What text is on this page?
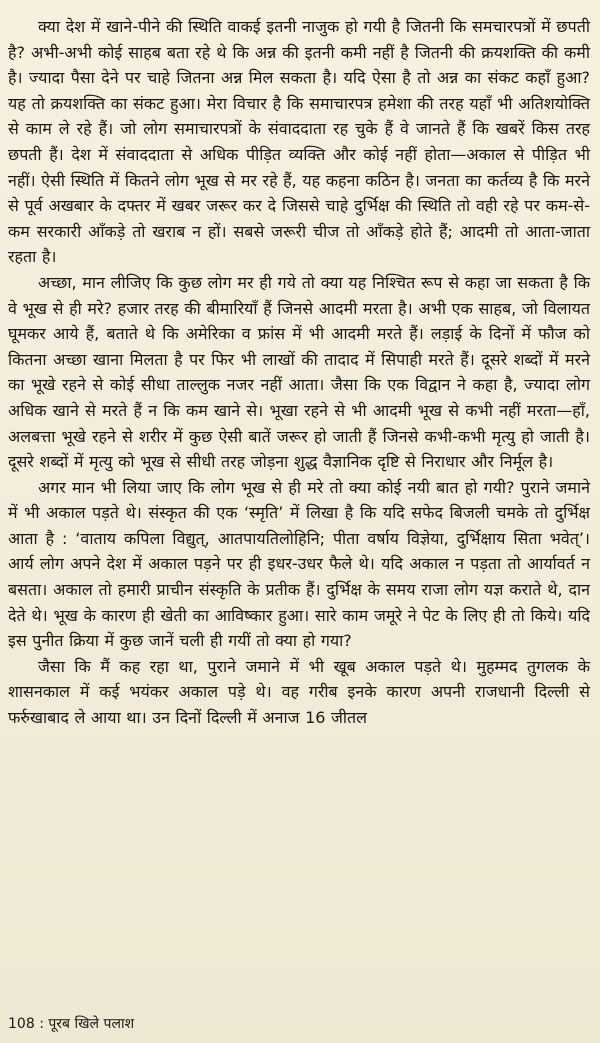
क्या देश में खाने-पीने की स्थिति वाकई इतनी नाजुक हो गयी है जितनी कि समचारपत्रों में छपती है? अभी-अभी कोई साहब बता रहे थे कि अन्न की इतनी कमी नहीं है जितनी की क्रयशक्ति की कमी है। ज्यादा पैसा देने पर चाहे जितना अन्न मिल सकता है। यदि ऐसा है तो अन्न का संकट कहाँ हुआ? यह तो क्रयशक्ति का संकट हुआ। मेरा विचार है कि समाचारपत्र हमेशा की तरह यहाँ भी अतिशयोक्ति से काम ले रहे हैं। जो लोग समाचारपत्रों के संवाददाता रह चुके हैं वे जानते हैं कि खबरें किस तरह छपती हैं। देश में संवाददाता से अधिक पीड़ित व्यक्ति और कोई नहीं होता—अकाल से पीड़ित भी नहीं। ऐसी स्थिति में कितने लोग भूख से मर रहे हैं, यह कहना कठिन है। जनता का कर्तव्य है कि मरने से पूर्व अखबार के दफ्तर में खबर जरूर कर दे जिससे चाहे दुर्भिक्ष की स्थिति तो वही रहे पर कम-से-कम सरकारी आँकड़े तो खराब न हों। सबसे जरूरी चीज तो आँकड़े होते हैं; आदमी तो आता-जाता रहता है।

अच्छा, मान लीजिए कि कुछ लोग मर ही गये तो क्या यह निश्चित रूप से कहा जा सकता है कि वे भूख से ही मरे? हजार तरह की बीमारियाँ हैं जिनसे आदमी मरता है। अभी एक साहब, जो विलायत घूमकर आये हैं, बताते थे कि अमेरिका व फ्रांस में भी आदमी मरते हैं। लड़ाई के दिनों में फौज को कितना अच्छा खाना मिलता है पर फिर भी लाखों की तादाद में सिपाही मरते हैं। दूसरे शब्दों में मरने का भूखे रहने से कोई सीधा ताल्लुक नजर नहीं आता। जैसा कि एक विद्वान ने कहा है, ज्यादा लोग अधिक खाने से मरते हैं न कि कम खाने से। भूखा रहने से भी आदमी भूख से कभी नहीं मरता—हाँ, अलबत्ता भूखे रहने से शरीर में कुछ ऐसी बातें जरूर हो जाती हैं जिनसे कभी-कभी मृत्यु हो जाती है। दूसरे शब्दों में मृत्यु को भूख से सीधी तरह जोड़ना शुद्ध वैज्ञानिक दृष्टि से निराधार और निर्मूल है।

अगर मान भी लिया जाए कि लोग भूख से ही मरे तो क्या कोई नयी बात हो गयी? पुराने जमाने में भी अकाल पड़ते थे। संस्कृत की एक ‘स्मृति’ में लिखा है कि यदि सफेद बिजली चमके तो दुर्भिक्ष आता है : ‘वाताय कपिला विद्युत्, आतपायतिलोहिनि; पीता वर्षाय विज्ञेया, दुर्भिक्षाय सिता भवेत्’। आर्य लोग अपने देश में अकाल पड़ने पर ही इधर-उधर फैले थे। यदि अकाल न पड़ता तो आर्यावर्त न बसता। अकाल तो हमारी प्राचीन संस्कृति के प्रतीक हैं। दुर्भिक्ष के समय राजा लोग यज्ञ कराते थे, दान देते थे। भूख के कारण ही खेती का आविष्कार हुआ। सारे काम जमूरे ने पेट के लिए ही तो किये। यदि इस पुनीत क्रिया में कुछ जानें चली ही गयीं तो क्या हो गया?

जैसा कि मैं कह रहा था, पुराने जमाने में भी खूब अकाल पड़ते थे। मुहम्मद तुगलक के शासनकाल में कई भयंकर अकाल पड़े थे। वह गरीब इनके कारण अपनी राजधानी दिल्ली से फर्रुखाबाद ले आया था। उन दिनों दिल्ली में अनाज 16 जीतल

108 : पूरब खिले पलाश
